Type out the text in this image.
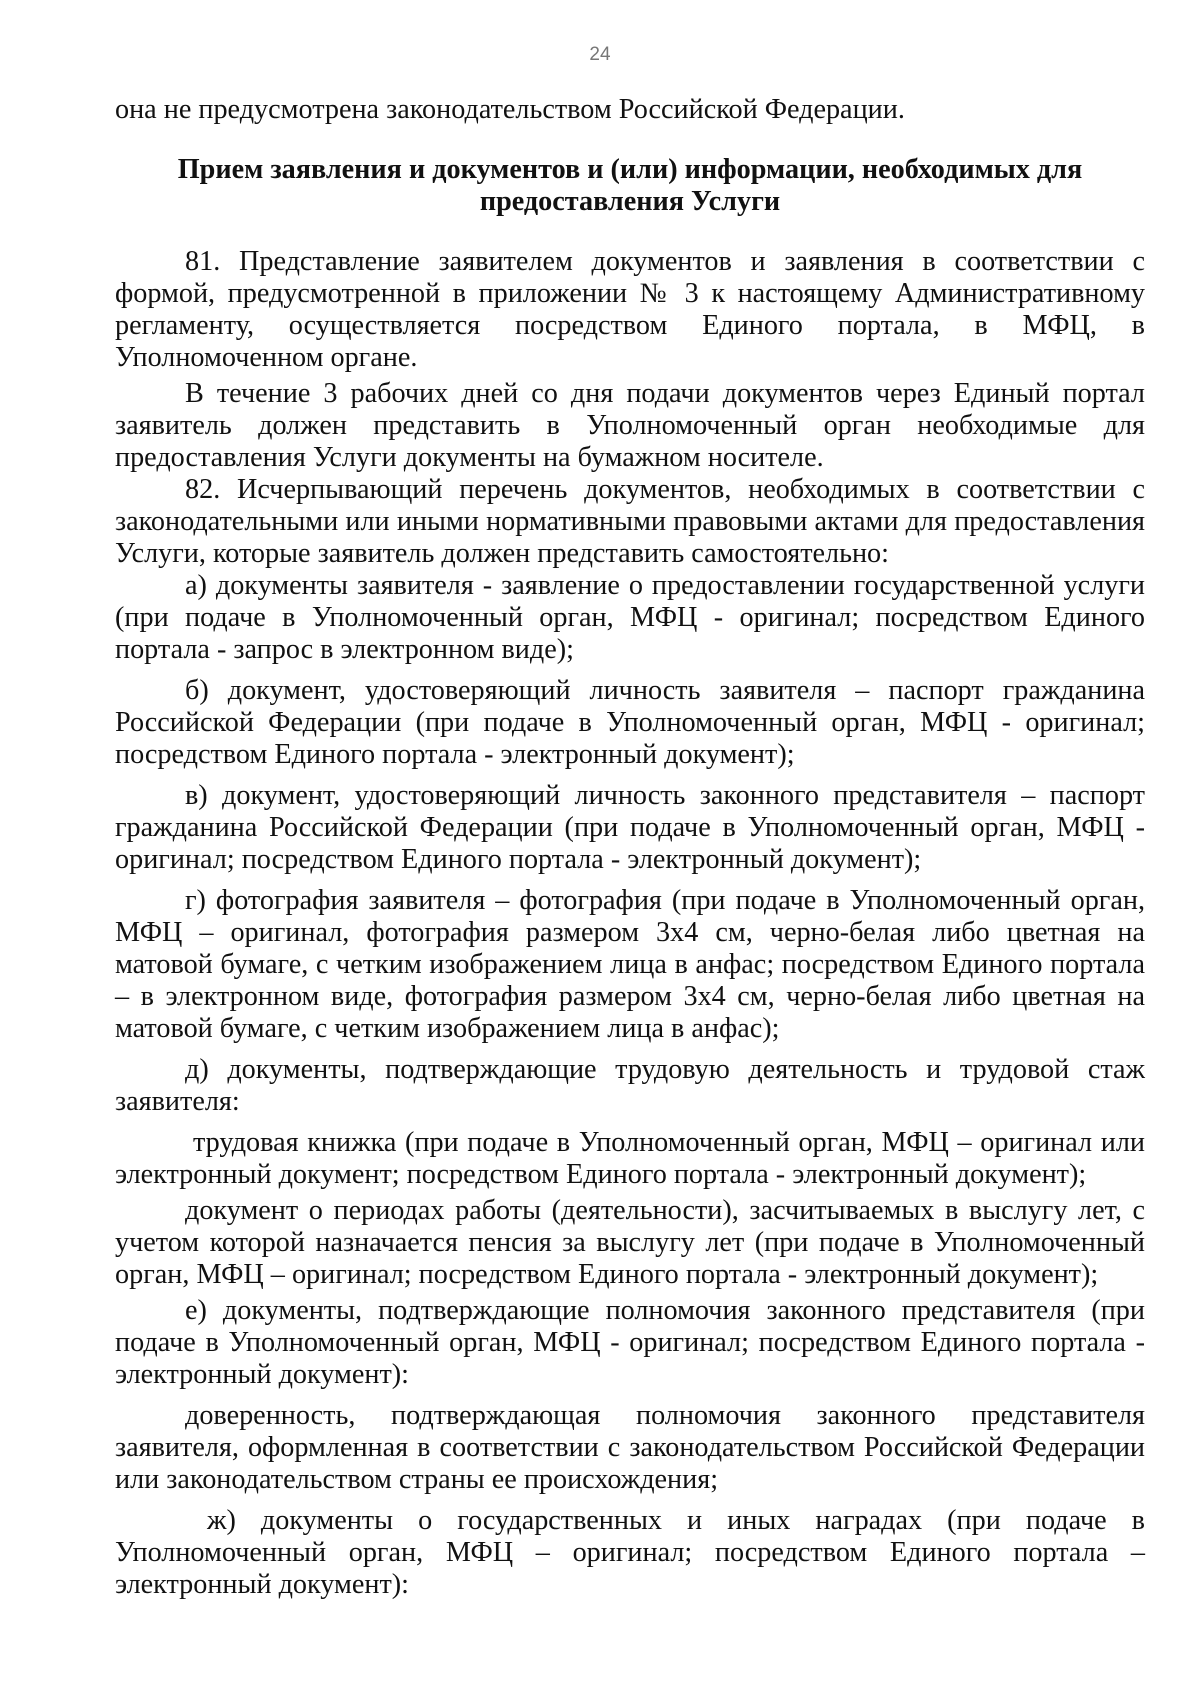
24

она не предусмотрена законодательством Российской Федерации.

Прием заявления и документов и (или) информации, необходимых для предоставления Услуги

81. Представление заявителем документов и заявления в соответствии с формой, предусмотренной в приложении № 3 к настоящему Административному регламенту, осуществляется посредством Единого портала, в МФЦ, в Уполномоченном органе.

В течение 3 рабочих дней со дня подачи документов через Единый портал заявитель должен представить в Уполномоченный орган необходимые для предоставления Услуги документы на бумажном носителе.

82. Исчерпывающий перечень документов, необходимых в соответствии с законодательными или иными нормативными правовыми актами для предоставления Услуги, которые заявитель должен представить самостоятельно:

а) документы заявителя - заявление о предоставлении государственной услуги (при подаче в Уполномоченный орган, МФЦ - оригинал; посредством Единого портала - запрос в электронном виде);

б) документ, удостоверяющий личность заявителя – паспорт гражданина Российской Федерации (при подаче в Уполномоченный орган, МФЦ - оригинал; посредством Единого портала - электронный документ);

в) документ, удостоверяющий личность законного представителя – паспорт гражданина Российской Федерации (при подаче в Уполномоченный орган, МФЦ - оригинал; посредством Единого портала - электронный документ);

г) фотография заявителя – фотография (при подаче в Уполномоченный орган, МФЦ – оригинал, фотография размером 3х4 см, черно-белая либо цветная на матовой бумаге, с четким изображением лица в анфас; посредством Единого портала – в электронном виде, фотография размером 3х4 см, черно-белая либо цветная на матовой бумаге, с четким изображением лица в анфас);

д) документы, подтверждающие трудовую деятельность и трудовой стаж заявителя:

трудовая книжка (при подаче в Уполномоченный орган, МФЦ – оригинал или электронный документ; посредством Единого портала - электронный документ);

документ о периодах работы (деятельности), засчитываемых в выслугу лет, с учетом которой назначается пенсия за выслугу лет (при подаче в Уполномоченный орган, МФЦ – оригинал; посредством Единого портала - электронный документ);

е) документы, подтверждающие полномочия законного представителя (при подаче в Уполномоченный орган, МФЦ - оригинал; посредством Единого портала - электронный документ):

доверенность, подтверждающая полномочия законного представителя заявителя, оформленная в соответствии с законодательством Российской Федерации или законодательством страны ее происхождения;

ж) документы о государственных и иных наградах (при подаче в Уполномоченный орган, МФЦ – оригинал; посредством Единого портала – электронный документ):
